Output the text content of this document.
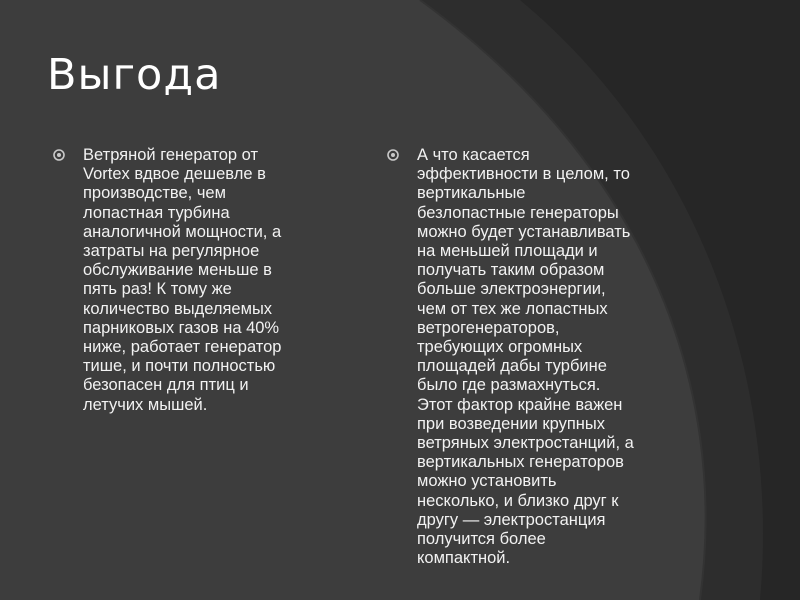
Выгода
Ветряной генератор от
Vortex вдвое дешевле в
производстве, чем
лопастная турбина
аналогичной мощности, а
затраты на регулярное
обслуживание меньше в
пять раз! К тому же
количество выделяемых
парниковых газов на 40%
ниже, работает генератор
тише, и почти полностью
безопасен для птиц и
летучих мышей.
А что касается
эффективности в целом, то
вертикальные
безлопастные генераторы
можно будет устанавливать
на меньшей площади и
получать таким образом
больше электроэнергии,
чем от тех же лопастных
ветрогенераторов,
требующих огромных
площадей дабы турбине
было где размахнуться.
Этот фактор крайне важен
при возведении крупных
ветряных электростанций, а
вертикальных генераторов
можно установить
несколько, и близко друг к
другу — электростанция
получится более
компактной.
